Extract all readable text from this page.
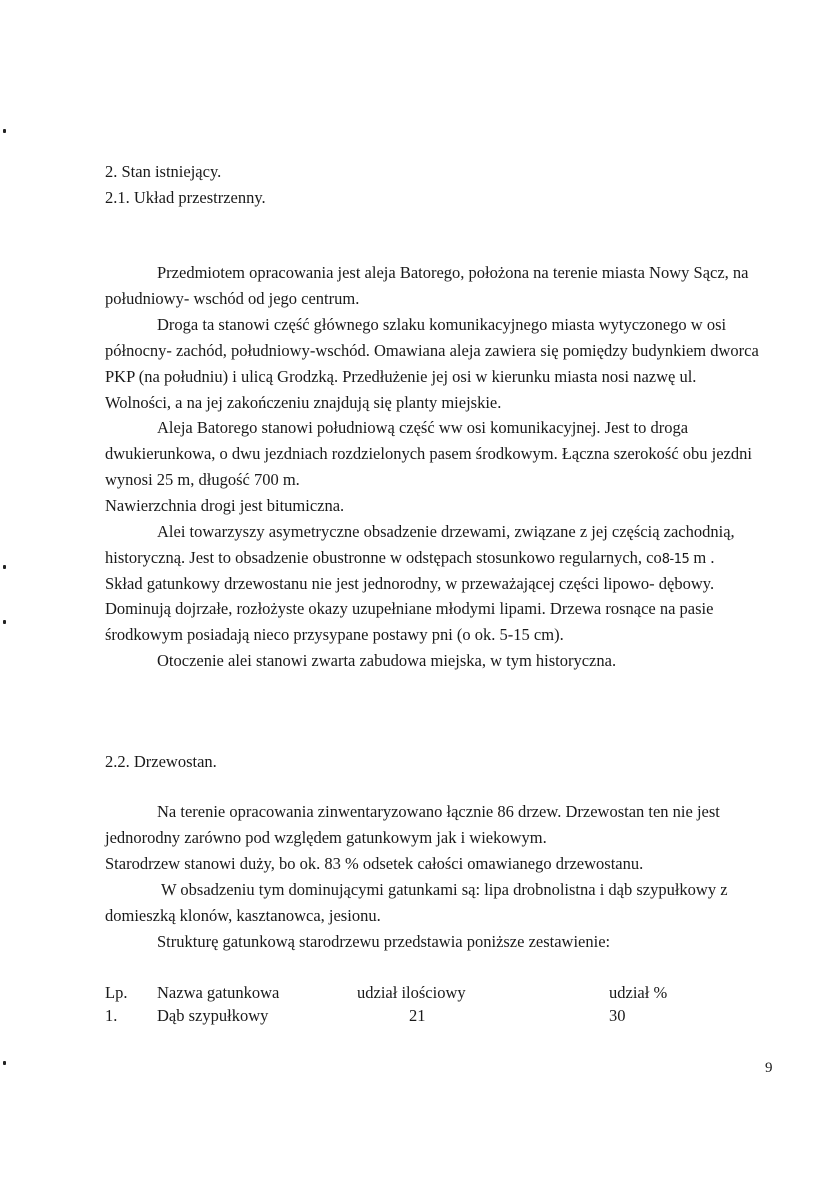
2. Stan istniejący.
2.1. Układ przestrzenny.
Przedmiotem opracowania jest aleja Batorego, położona na terenie miasta Nowy Sącz, na
południowy- wschód od jego centrum.
Droga ta stanowi część głównego szlaku komunikacyjnego miasta wytyczonego w osi
północny- zachód, południowy-wschód. Omawiana aleja zawiera się pomiędzy budynkiem dworca
PKP (na południu) i ulicą Grodzką. Przedłużenie jej osi w kierunku miasta nosi nazwę ul.
Wolności, a na jej zakończeniu znajdują się planty miejskie.
Aleja Batorego stanowi południową część ww osi komunikacyjnej. Jest to droga
dwukierunkowa, o dwu jezdniach rozdzielonych pasem środkowym. Łączna szerokość obu jezdni
wynosi 25 m, długość 700 m.
Nawierzchnia drogi jest bitumiczna.
Alei towarzyszy asymetryczne obsadzenie drzewami, związane z jej częścią zachodnią,
historyczną. Jest to obsadzenie obustronne w odstępach stosunkowo regularnych, co8-15 m .
Skład gatunkowy drzewostanu nie jest jednorodny, w przeważającej części lipowo- dębowy.
Dominują dojrzałe, rozłożyste okazy uzupełniane młodymi lipami. Drzewa rosnące na pasie
środkowym posiadają nieco przysypane postawy pni (o ok. 5-15 cm).
Otoczenie alei stanowi zwarta zabudowa miejska, w tym historyczna.
2.2. Drzewostan.
Na terenie opracowania zinwentaryzowano łącznie 86 drzew. Drzewostan ten nie jest
jednorodny zarówno pod względem gatunkowym jak i wiekowym.
Starodrzew stanowi duży, bo ok. 83 % odsetek całości omawianego drzewostanu.
W obsadzeniu tym dominującymi gatunkami są: lipa drobnolistna i dąb szypułkowy z
domieszką klonów, kasztanowca, jesionu.
Strukturę gatunkową starodrzewu przedstawia poniższe zestawienie:
Lp. Nazwa gatunkowa	udział ilościowy	udział %
1. Dąb szypułkowy	21	30
9
